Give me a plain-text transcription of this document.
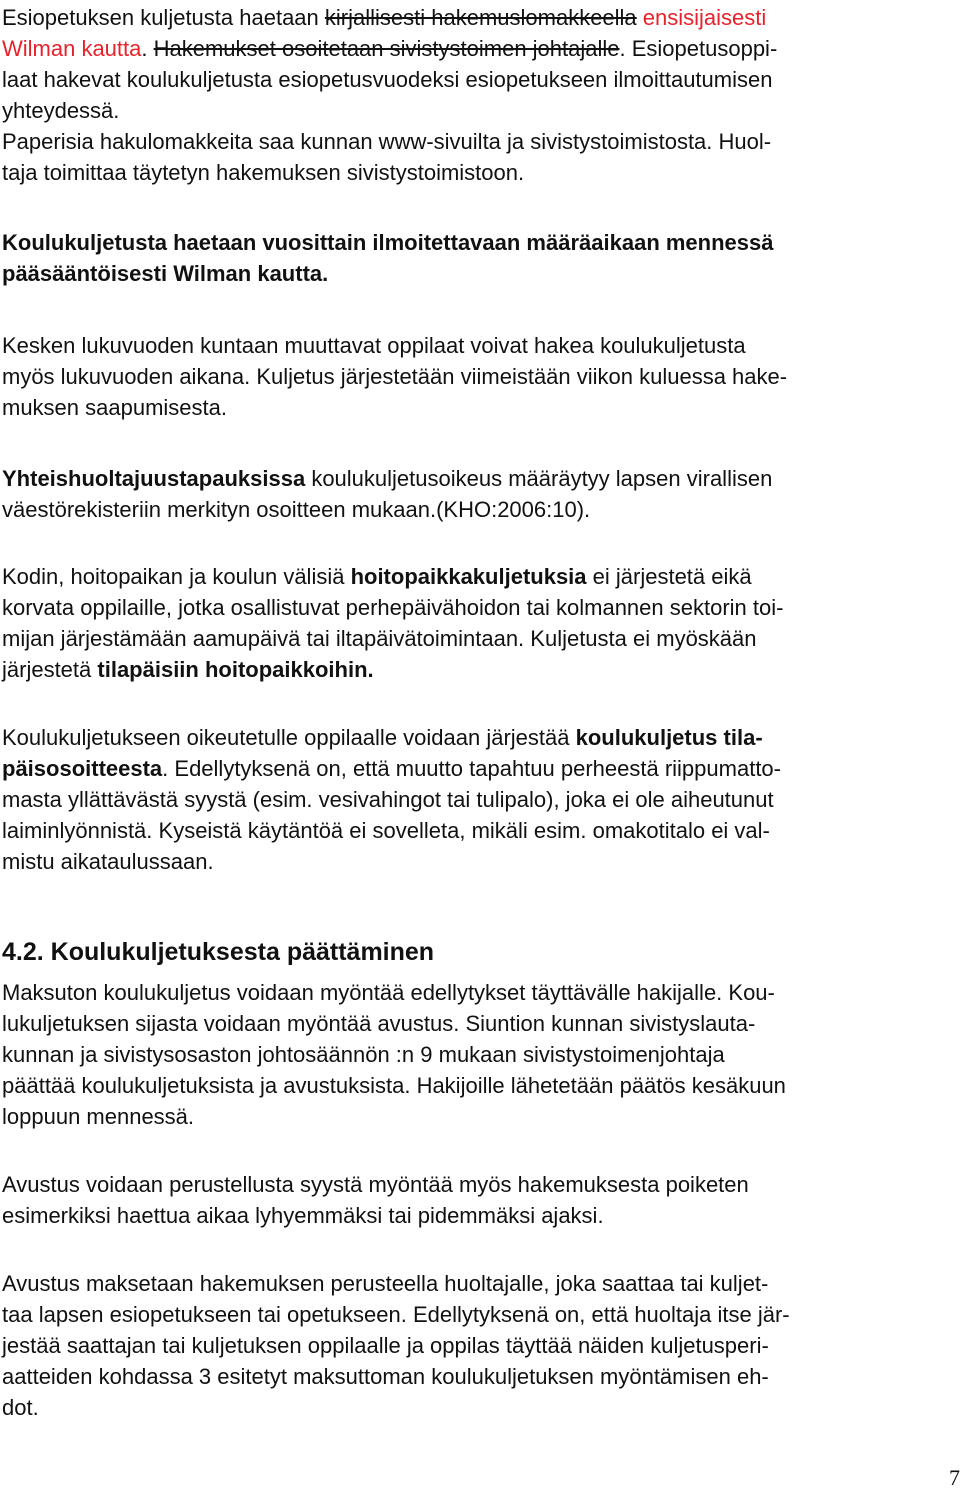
Esiopetuksen kuljetusta haetaan kirjallisesti hakemuslomakkeella ensisijaisesti
Wilman kautta. Hakemukset osoitetaan sivistystoimen johtajalle. Esiopetusoppi-
laat hakevat koulukuljetusta esiopetusvuodeksi esiopetukseen ilmoittautumisen
yhteydessä.
Paperisia hakulomakkeita saa kunnan www-sivuilta ja sivistystoimistosta. Huol-
taja toimittaa täytetyn hakemuksen sivistystoimistoon.

Koulukuljetusta haetaan vuosittain ilmoitettavaan määräaikaan mennessä
pääsääntöisesti Wilman kautta.

Kesken lukuvuoden kuntaan muuttavat oppilaat voivat hakea koulukuljetusta
myös lukuvuoden aikana. Kuljetus järjestetään viimeistään viikon kuluessa hake-
muksen saapumisesta.

Yhteishuoltajuustapauksissa koulukuljetusoikeus määräytyy lapsen virallisen
väestörekisteriin merkityn osoitteen mukaan.(KHO:2006:10).

Kodin, hoitopaikan ja koulun välisiä hoitopaikkakuljetuksia ei järjestetä eikä
korvata oppilaille, jotka osallistuvat perhepäivähoidon tai kolmannen sektorin toi-
mijan järjestämään aamupäivä tai iltapäivätoimintaan. Kuljetusta ei myöskään
järjestetä tilapäisiin hoitopaikkoihin.

Koulukuljetukseen oikeutetulle oppilaalle voidaan järjestää koulukuljetus tila-
päisosoitteesta. Edellytyksenä on, että muutto tapahtuu perheestä riippumatto-
masta yllättävästä syystä (esim. vesivahingot tai tulipalo), joka ei ole aiheutunut
laiminlyönnistä. Kyseistä käytäntöä ei sovelleta, mikäli esim. omakotitalo ei val-
mistu aikataulussaan.

4.2. Koulukuljetuksesta päättäminen

Maksuton koulukuljetus voidaan myöntää edellytykset täyttävälle hakijalle. Kou-
lukuljetuksen sijasta voidaan myöntää avustus. Siuntion kunnan sivistyslauta-
kunnan ja sivistysosaston johtosäännön :n 9 mukaan sivistystoimenjohtaja
päättää koulukuljetuksista ja avustuksista. Hakijoille lähetetään päätös kesäkuun
loppuun mennessä.

Avustus voidaan perustellusta syystä myöntää myös hakemuksesta poiketen
esimerkiksi haettua aikaa lyhyemmäksi tai pidemmäksi ajaksi.

Avustus maksetaan hakemuksen perusteella huoltajalle, joka saattaa tai kuljet-
taa lapsen esiopetukseen tai opetukseen. Edellytyksenä on, että huoltaja itse jär-
jestää saattajan tai kuljetuksen oppilaalle ja oppilas täyttää näiden kuljetusperi-
aatteiden kohdassa 3 esitetyt maksuttoman koulukuljetuksen myöntämisen eh-
dot.

7
